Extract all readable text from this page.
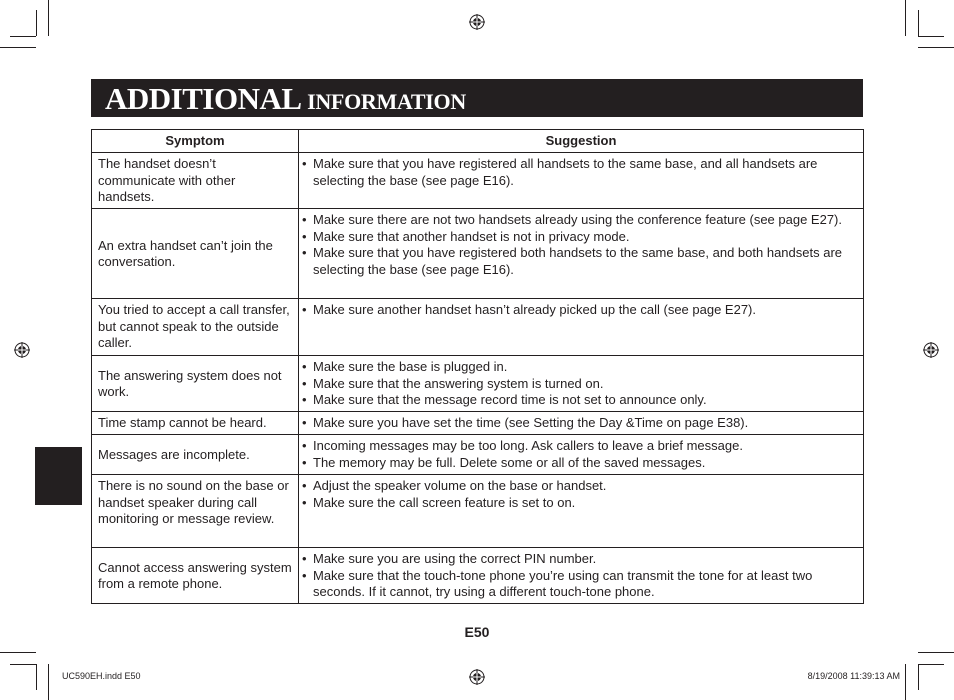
ADDITIONAL INFORMATION
Symptom	Suggestion
The handset doesn’t communicate with other handsets.	• Make sure that you have registered all handsets to the same base, and all handsets are selecting the base (see page E16).

An extra handset can’t join the conversation.	• Make sure there are not two handsets already using the conference feature (see page E27).
• Make sure that another handset is not in privacy mode.
• Make sure that you have registered both handsets to the same base, and both handsets are selecting the base (see page E16).

You tried to accept a call transfer, but cannot speak to the outside caller.	• Make sure another handset hasn’t already picked up the call (see page E27).

The answering system does not work.	• Make sure the base is plugged in.
• Make sure that the answering system is turned on.
• Make sure that the message record time is not set to announce only.

Time stamp cannot be heard.	• Make sure you have set the time (see Setting the Day &Time on page E38).

Messages are incomplete.	• Incoming messages may be too long. Ask callers to leave a brief message.
• The memory may be full. Delete some or all of the saved messages.

There is no sound on the base or handset speaker during call monitoring or message review.	• Adjust the speaker volume on the base or handset.
• Make sure the call screen feature is set to on.

Cannot access answering system from a remote phone.	• Make sure you are using the correct PIN number.
• Make sure that the touch-tone phone you’re using can transmit the tone for at least two seconds. If it cannot, try using a different touch-tone phone.
E50
UC590EH.indd E50	8/19/2008 11:39:13 AM
